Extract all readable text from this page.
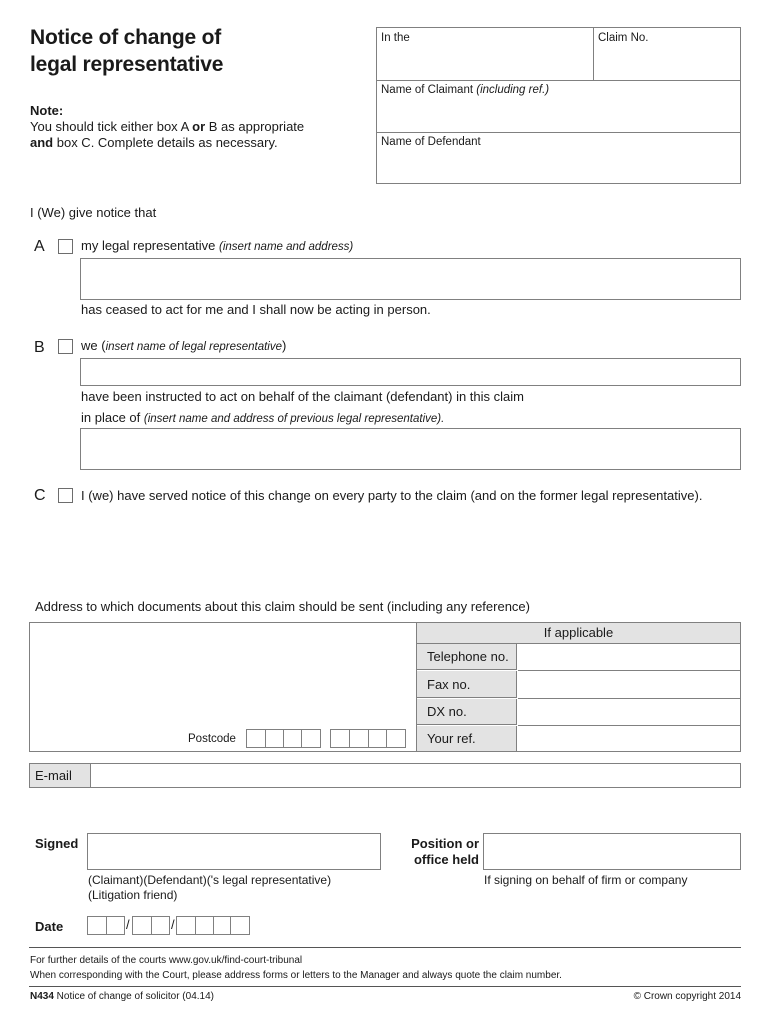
Notice of change of
legal representative
Note:
You should tick either box A or B as appropriate
and box C. Complete details as necessary.
In the	Claim No.
Name of Claimant (including ref.)
Name of Defendant
I (We) give notice that
A	my legal representative (insert name and address)
has ceased to act for me and I shall now be acting in person.
B	we (insert name of legal representative)
have been instructed to act on behalf of the claimant (defendant) in this claim
in place of (insert name and address of previous legal representative).
C	I (we) have served notice of this change on every party to the claim (and on the former legal representative).
Address to which documents about this claim should be sent (including any reference)
Postcode
If applicable
Telephone no.
Fax no.
DX no.
Your ref.
E-mail
Signed
(Claimant)(Defendant)('s legal representative)
(Litigation friend)
Position or
office held
If signing on behalf of firm or company
Date	/	/
For further details of the courts www.gov.uk/find-court-tribunal
When corresponding with the Court, please address forms or letters to the Manager and always quote the claim number.
N434 Notice of change of solicitor (04.14)	© Crown copyright 2014
